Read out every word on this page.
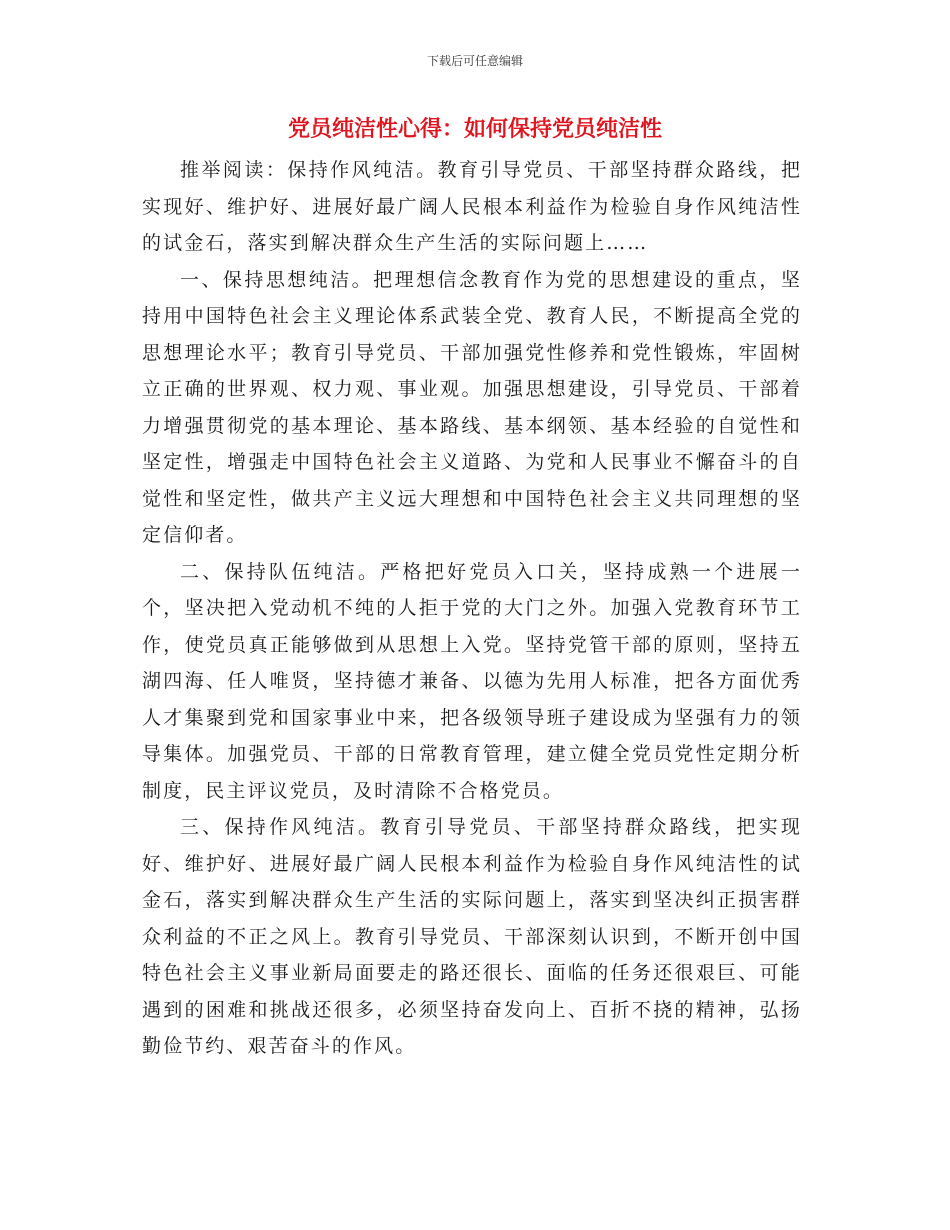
下载后可任意编辑
党员纯洁性心得：如何保持党员纯洁性

推举阅读：保持作风纯洁。教育引导党员、干部坚持群众路线，把实现好、维护好、进展好最广阔人民根本利益作为检验自身作风纯洁性的试金石，落实到解决群众生产生活的实际问题上……

一、保持思想纯洁。把理想信念教育作为党的思想建设的重点，坚持用中国特色社会主义理论体系武装全党、教育人民，不断提高全党的思想理论水平；教育引导党员、干部加强党性修养和党性锻炼，牢固树立正确的世界观、权力观、事业观。加强思想建设，引导党员、干部着力增强贯彻党的基本理论、基本路线、基本纲领、基本经验的自觉性和坚定性，增强走中国特色社会主义道路、为党和人民事业不懈奋斗的自觉性和坚定性，做共产主义远大理想和中国特色社会主义共同理想的坚定信仰者。

二、保持队伍纯洁。严格把好党员入口关，坚持成熟一个进展一个，坚决把入党动机不纯的人拒于党的大门之外。加强入党教育环节工作，使党员真正能够做到从思想上入党。坚持党管干部的原则，坚持五湖四海、任人唯贤，坚持德才兼备、以德为先用人标准，把各方面优秀人才集聚到党和国家事业中来，把各级领导班子建设成为坚强有力的领导集体。加强党员、干部的日常教育管理，建立健全党员党性定期分析制度，民主评议党员，及时清除不合格党员。

三、保持作风纯洁。教育引导党员、干部坚持群众路线，把实现好、维护好、进展好最广阔人民根本利益作为检验自身作风纯洁性的试金石，落实到解决群众生产生活的实际问题上，落实到坚决纠正损害群众利益的不正之风上。教育引导党员、干部深刻认识到，不断开创中国特色社会主义事业新局面要走的路还很长、面临的任务还很艰巨、可能遇到的困难和挑战还很多，必须坚持奋发向上、百折不挠的精神，弘扬勤俭节约、艰苦奋斗的作风。
